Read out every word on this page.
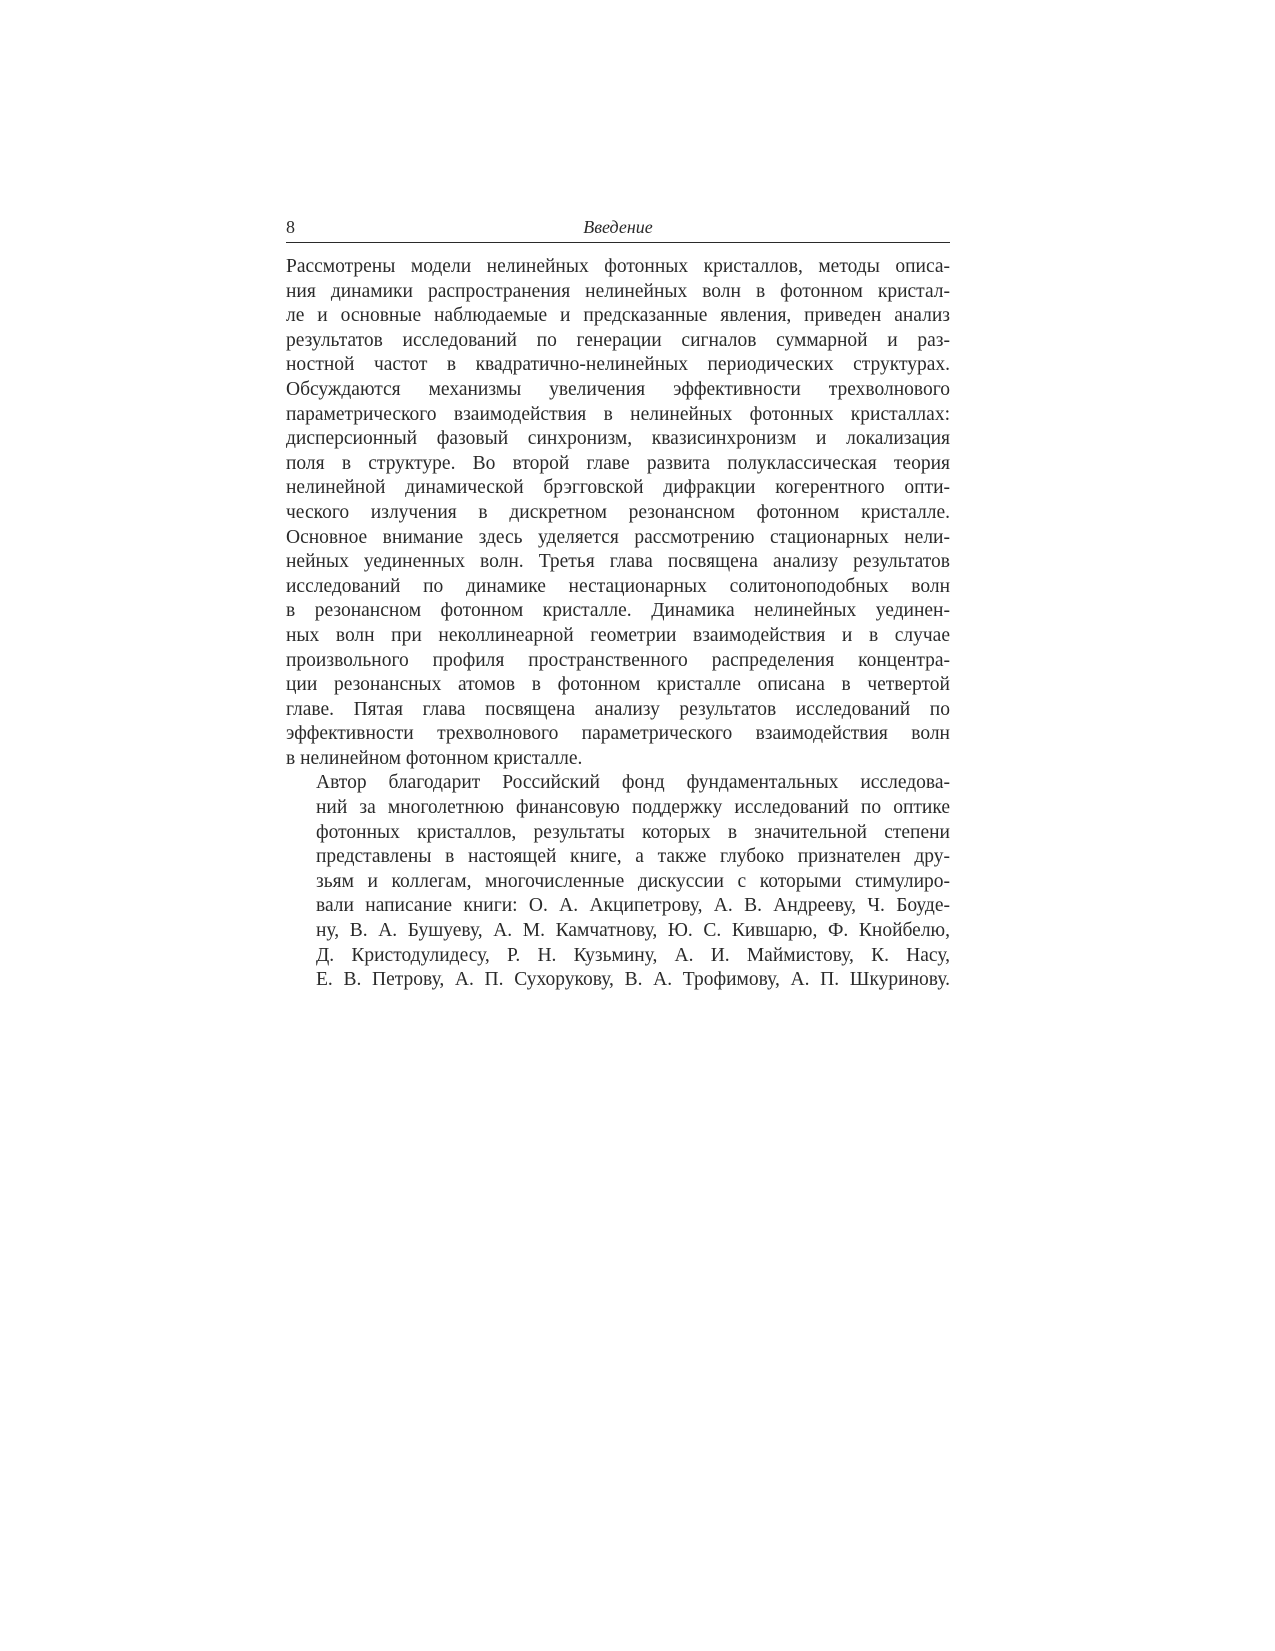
8	Введение

Рассмотрены модели нелинейных фотонных кристаллов, методы описа-
ния динамики распространения нелинейных волн в фотонном кристал-
ле и основные наблюдаемые и предсказанные явления, приведен анализ
результатов исследований по генерации сигналов суммарной и раз-
ностной частот в квадратично-нелинейных периодических структурах.
Обсуждаются механизмы увеличения эффективности трехволнового
параметрического взаимодействия в нелинейных фотонных кристаллах:
дисперсионный фазовый синхронизм, квазисинхронизм и локализация
поля в структуре. Во второй главе развита полуклассическая теория
нелинейной динамической брэгговской дифракции когерентного опти-
ческого излучения в дискретном резонансном фотонном кристалле.
Основное внимание здесь уделяется рассмотрению стационарных нели-
нейных уединенных волн. Третья глава посвящена анализу результатов
исследований по динамике нестационарных солитоноподобных волн
в резонансном фотонном кристалле. Динамика нелинейных уединен-
ных волн при неколлинеарной геометрии взаимодействия и в случае
произвольного профиля пространственного распределения концентра-
ции резонансных атомов в фотонном кристалле описана в четвертой
главе. Пятая глава посвящена анализу результатов исследований по
эффективности трехволнового параметрического взаимодействия волн
в нелинейном фотонном кристалле.

Автор благодарит Российский фонд фундаментальных исследова-
ний за многолетнюю финансовую поддержку исследований по оптике
фотонных кристаллов, результаты которых в значительной степени
представлены в настоящей книге, а также глубоко признателен дру-
зьям и коллегам, многочисленные дискуссии с которыми стимулиро-
вали написание книги: О. А. Акципетрову, А. В. Андрееву, Ч. Боуде-
ну, В. А. Бушуеву, А. М. Камчатнову, Ю. С. Кившарю, Ф. Кнойбелю,
Д. Кристодулидесу, Р. Н. Кузьмину, А. И. Маймистову, К. Насу,
Е. В. Петрову, А. П. Сухорукову, В. А. Трофимову, А. П. Шкуринову.
